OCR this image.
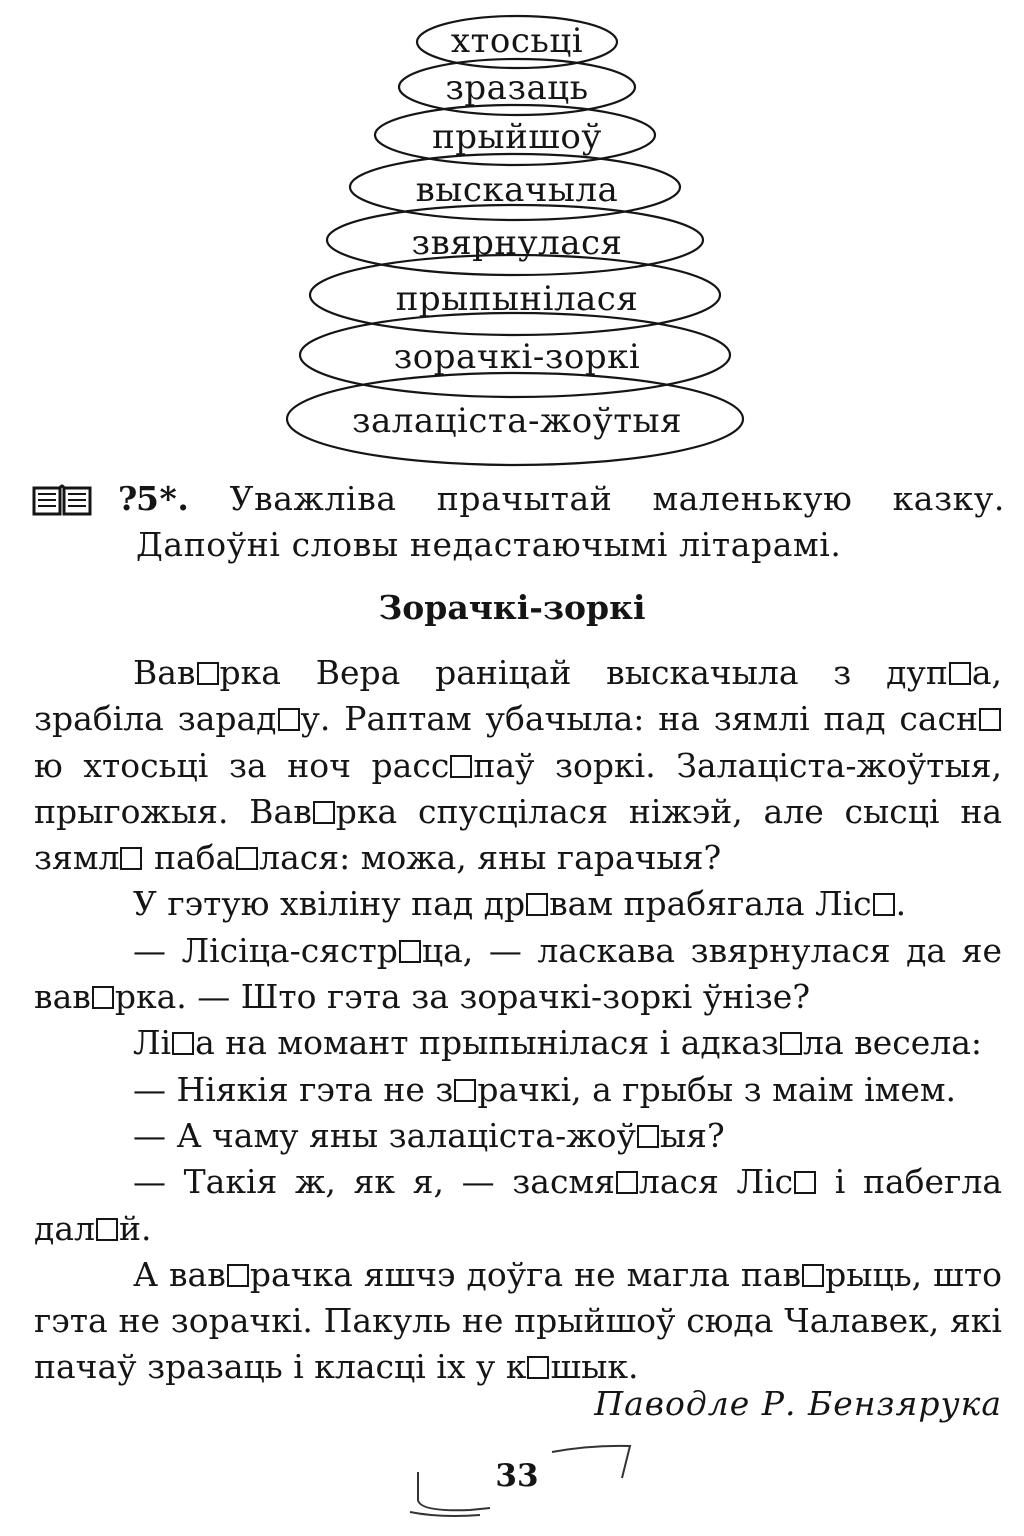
хтосьці
зразаць
прыйшоў
выскачыла
звярнулася
прыпынілася
зорачкі-зоркі
залацістa-жоўтыя
?
5*. Уважліва прачытай маленькую казку. Дапоўні словы недастаючымі літарамі.
Зорачкі-зоркі

Вав рка Вера раніцай выскачыла з дуп а, зрабіла зарад у. Раптам убачыла: на зямлі пад сасню хтосьці за ноч расс паў зоркі. Залацістa-жоўтыя, прыгожыя. Вав рка спусцілася ніжэй, але сысці на зямл пабa лася: можа, яны гарачыя?

У гэтую хвіліну пад др вам прабягала Ліс .

— Лісіца-сястр ца, — ласкава звярнулася да яе вав рка. — Што гэта за зорачкі-зоркі ўнізе?

Лі а на момант прыпынілася і адказ ла весела:

— Ніякія гэта не з рачкі, а грыбы з маім імем.

— А чаму яны залацістa-жоў ыя?

— Такія ж, як я, — засмя лася Ліс і пабегла дал й.

А вав рачка яшчэ доўга не магла пав рыць, што гэта не зорачкі. Пакуль не прыйшоў сюда Чалавек, які пачаў зразаць і класці іх у к шык.

Паводле Р. Бензярука
33
